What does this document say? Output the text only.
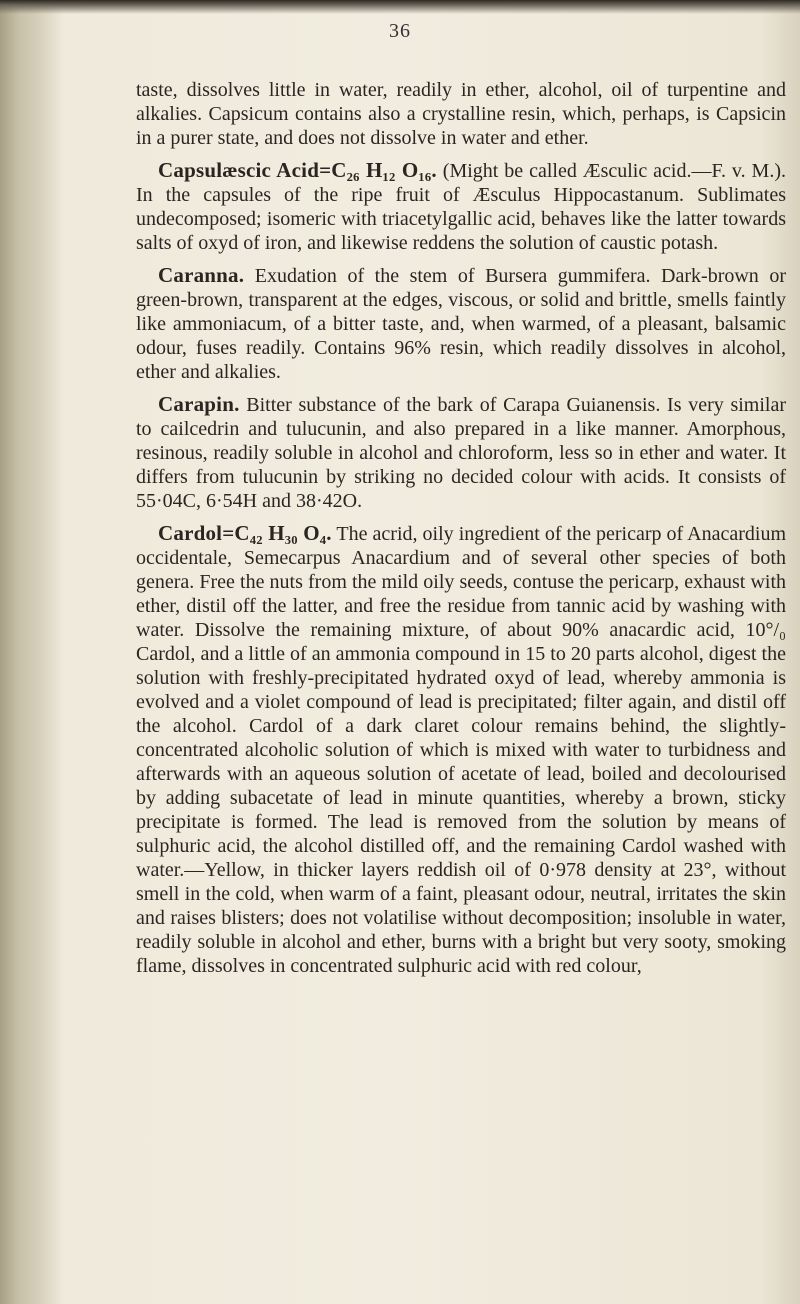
36

taste, dissolves little in water, readily in ether, alcohol, oil of turpentine and alkalies. Capsicum contains also a crystalline resin, which, perhaps, is Capsicin in a purer state, and does not dissolve in water and ether.

Capsulæscic Acid=C₂₆ H₁₂ O₁₆. (Might be called Æsculic acid.—F. v. M.). In the capsules of the ripe fruit of Æsculus Hippocastanum. Sublimates undecomposed; isomeric with triacetylgallic acid, behaves like the latter towards salts of oxyd of iron, and likewise reddens the solution of caustic potash.

Caranna. Exudation of the stem of Bursera gummifera. Dark-brown or green-brown, transparent at the edges, viscous, or solid and brittle, smells faintly like ammoniacum, of a bitter taste, and, when warmed, of a pleasant, balsamic odour, fuses readily. Contains 96% resin, which readily dissolves in alcohol, ether and alkalies.

Carapin. Bitter substance of the bark of Carapa Guianensis. Is very similar to cailcedrin and tulucunin, and also prepared in a like manner. Amorphous, resinous, readily soluble in alcohol and chloroform, less so in ether and water. It differs from tulucunin by striking no decided colour with acids. It consists of 55·04C, 6·54H and 38·42O.

Cardol=C₄₂ H₃₀ O₄. The acrid, oily ingredient of the pericarp of Anacardium occidentale, Semecarpus Anacardium and of several other species of both genera. Free the nuts from the mild oily seeds, contuse the pericarp, exhaust with ether, distil off the latter, and free the residue from tannic acid by washing with water. Dissolve the remaining mixture, of about 90% anacardic acid, 10°/₀ Cardol, and a little of an ammonia compound in 15 to 20 parts alcohol, digest the solution with freshly-precipitated hydrated oxyd of lead, whereby ammonia is evolved and a violet compound of lead is precipitated; filter again, and distil off the alcohol. Cardol of a dark claret colour remains behind, the slightly-concentrated alcoholic solution of which is mixed with water to turbidness and afterwards with an aqueous solution of acetate of lead, boiled and decolourised by adding subacetate of lead in minute quantities, whereby a brown, sticky precipitate is formed. The lead is removed from the solution by means of sulphuric acid, the alcohol distilled off, and the remaining Cardol washed with water.—Yellow, in thicker layers reddish oil of 0·978 density at 23°, without smell in the cold, when warm of a faint, pleasant odour, neutral, irritates the skin and raises blisters; does not volatilise without decomposition; insoluble in water, readily soluble in alcohol and ether, burns with a bright but very sooty, smoking flame, dissolves in concentrated sulphuric acid with red colour,
